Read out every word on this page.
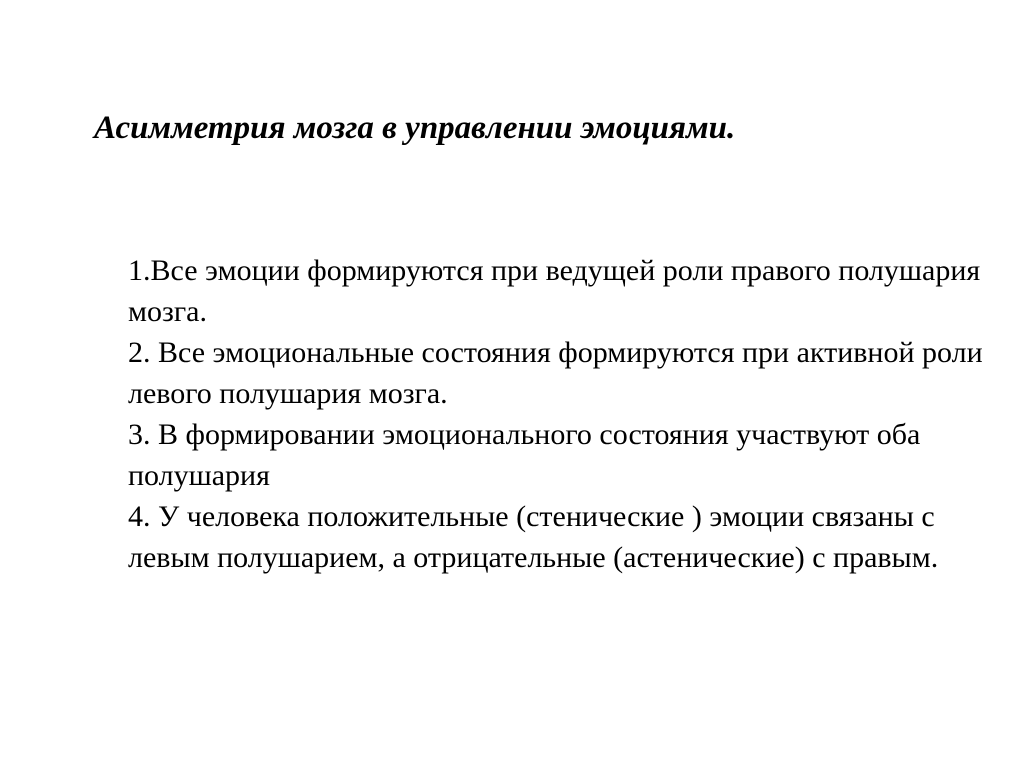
Асимметрия мозга в управлении эмоциями.
1.Все эмоции формируются при ведущей роли правого полушария мозга.
2. Все эмоциональные состояния формируются при активной роли левого полушария мозга.
3. В формировании эмоционального состояния участвуют оба полушария
4. У человека положительные (стенические ) эмоции связаны с левым полушарием, а отрицательные (астенические) с правым.
